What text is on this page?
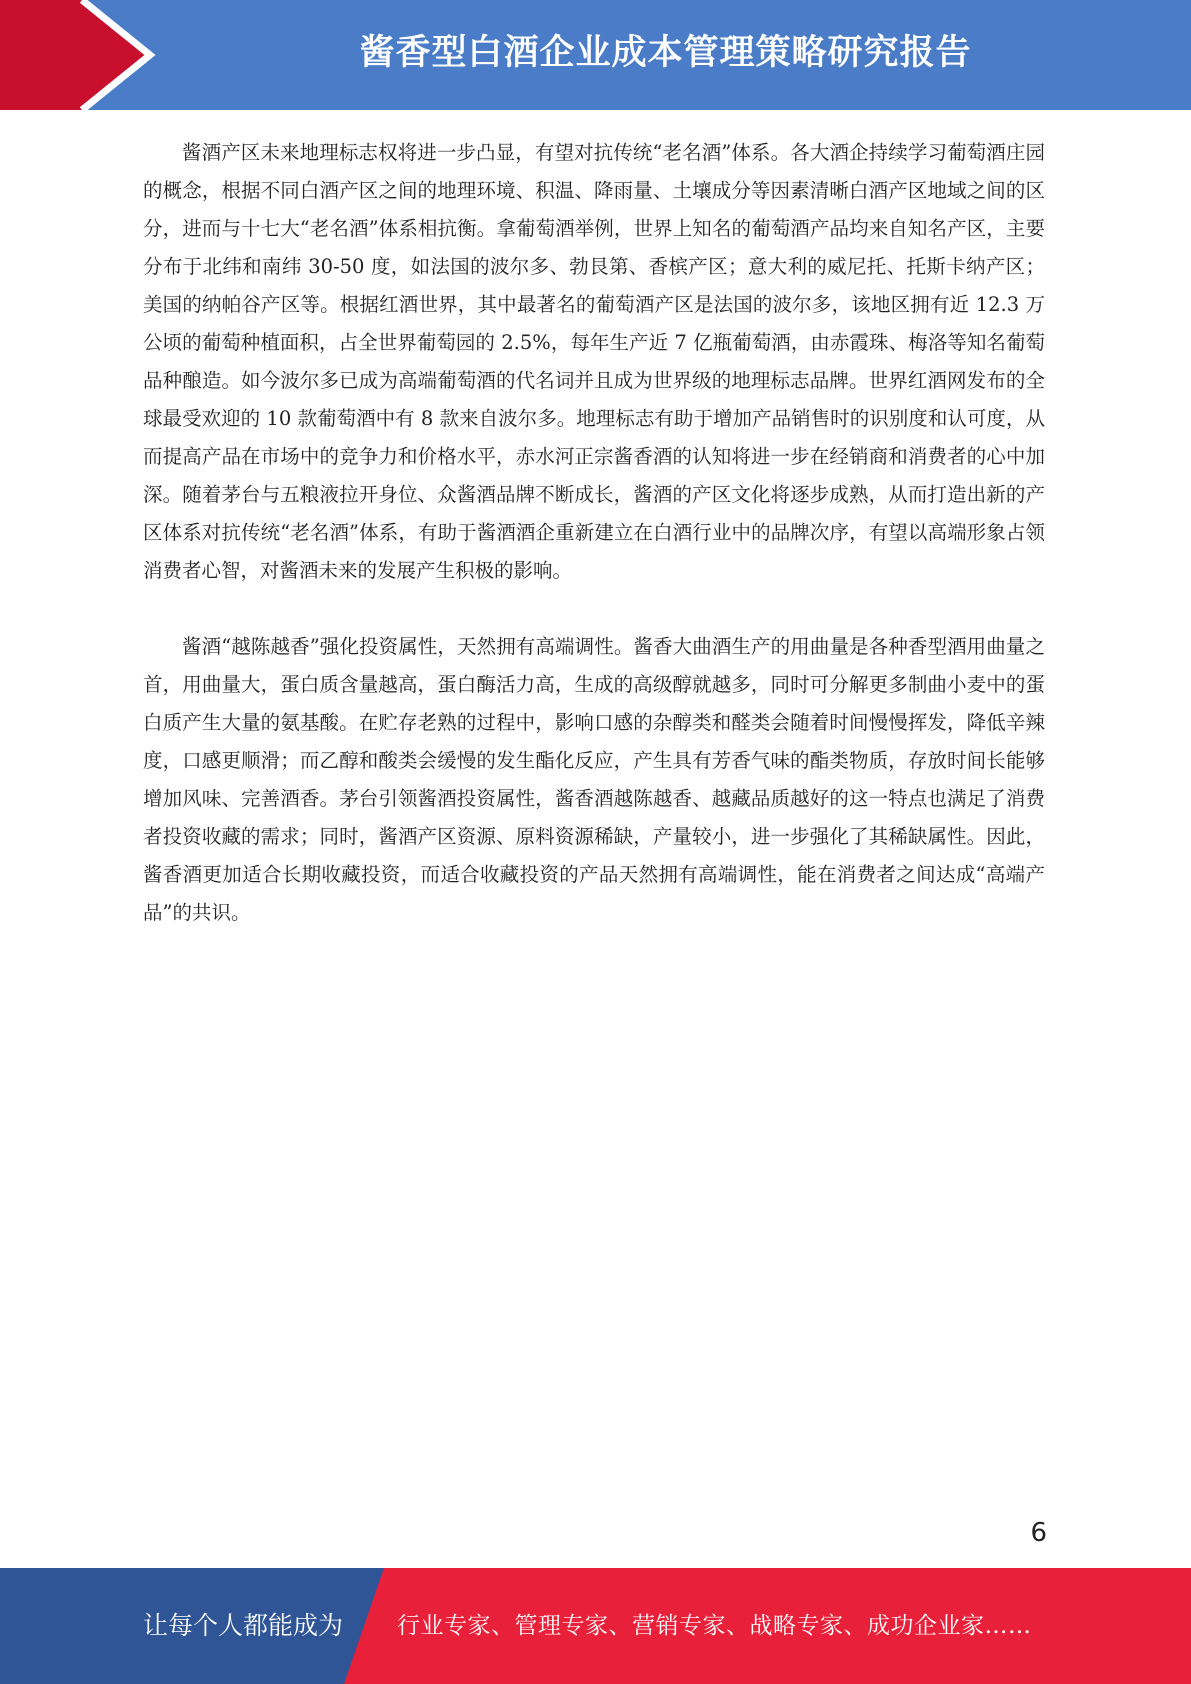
酱香型白酒企业成本管理策略研究报告

酱酒产区未来地理标志权将进一步凸显，有望对抗传统“老名酒”体系。各大酒企持续学习葡萄酒庄园的概念，根据不同白酒产区之间的地理环境、积温、降雨量、土壤成分等因素清晰白酒产区地域之间的区分，进而与十七大“老名酒”体系相抗衡。拿葡萄酒举例，世界上知名的葡萄酒产品均来自知名产区，主要分布于北纬和南纬 30-50 度，如法国的波尔多、勃艮第、香槟产区；意大利的威尼托、托斯卡纳产区；美国的纳帕谷产区等。根据红酒世界，其中最著名的葡萄酒产区是法国的波尔多，该地区拥有近 12.3 万公顷的葡萄种植面积，占全世界葡萄园的 2.5%，每年生产近 7 亿瓶葡萄酒，由赤霞珠、梅洛等知名葡萄品种酿造。如今波尔多已成为高端葡萄酒的代名词并且成为世界级的地理标志品牌。世界红酒网发布的全球最受欢迎的 10 款葡萄酒中有 8 款来自波尔多。地理标志有助于增加产品销售时的识别度和认可度，从而提高产品在市场中的竞争力和价格水平，赤水河正宗酱香酒的认知将进一步在经销商和消费者的心中加深。随着茅台与五粮液拉开身位、众酱酒品牌不断成长，酱酒的产区文化将逐步成熟，从而打造出新的产区体系对抗传统“老名酒”体系，有助于酱酒酒企重新建立在白酒行业中的品牌次序，有望以高端形象占领消费者心智，对酱酒未来的发展产生积极的影响。

酱酒“越陈越香”强化投资属性，天然拥有高端调性。酱香大曲酒生产的用曲量是各种香型酒用曲量之首，用曲量大，蛋白质含量越高，蛋白酶活力高，生成的高级醇就越多，同时可分解更多制曲小麦中的蛋白质产生大量的氨基酸。在贮存老熟的过程中，影响口感的杂醇类和醛类会随着时间慢慢挥发，降低辛辣度，口感更顺滑；而乙醇和酸类会缓慢的发生酯化反应，产生具有芳香气味的酯类物质，存放时间长能够增加风味、完善酒香。茅台引领酱酒投资属性，酱香酒越陈越香、越藏品质越好的这一特点也满足了消费者投资收藏的需求；同时，酱酒产区资源、原料资源稀缺，产量较小，进一步强化了其稀缺属性。因此，酱香酒更加适合长期收藏投资，而适合收藏投资的产品天然拥有高端调性，能在消费者之间达成“高端产品”的共识。

6
让每个人都能成为 行业专家、管理专家、营销专家、战略专家、成功企业家……
